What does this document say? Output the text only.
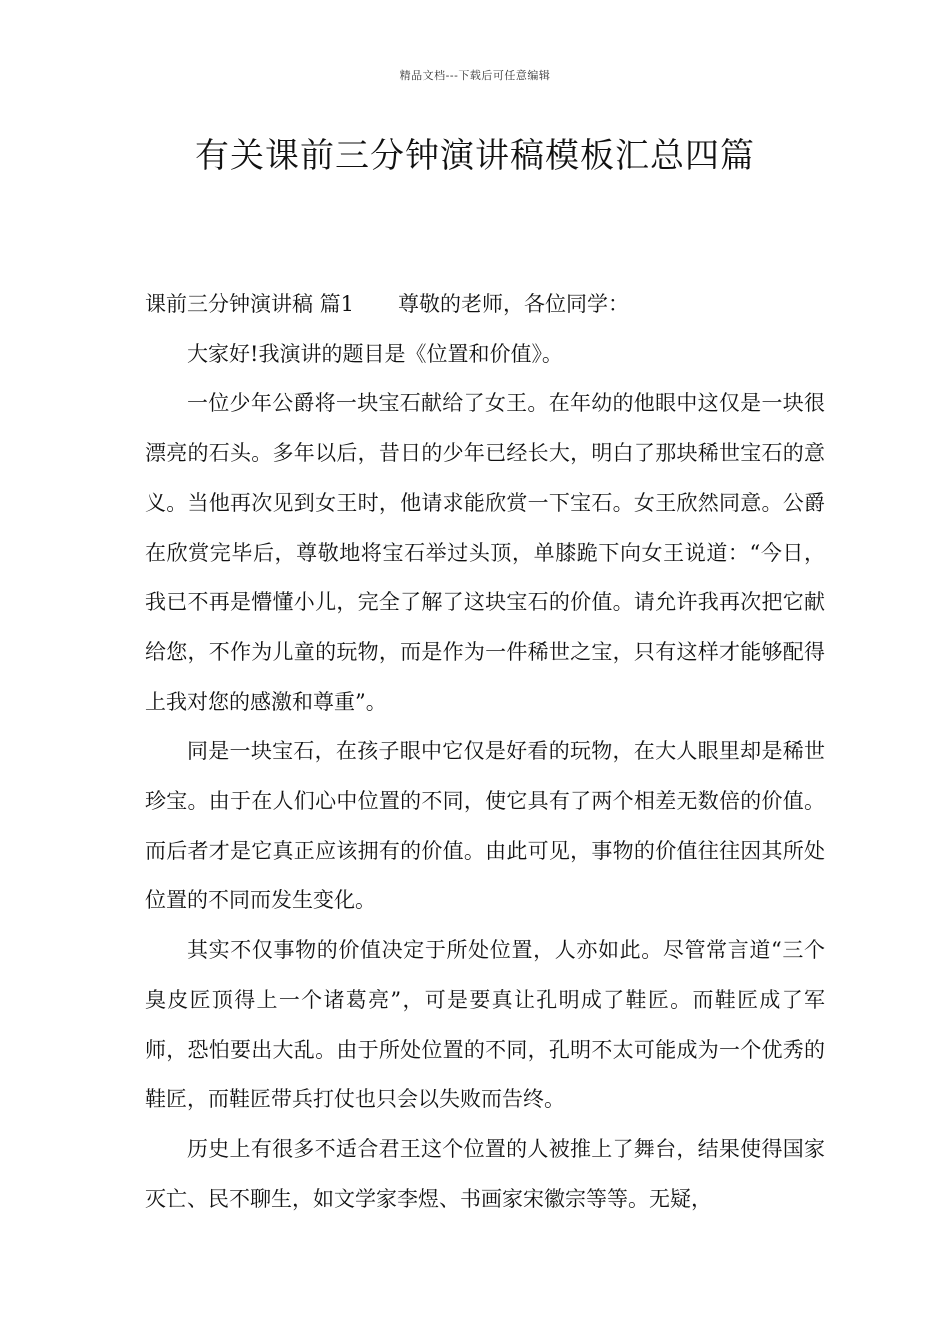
精品文档---下载后可任意编辑
有关课前三分钟演讲稿模板汇总四篇

课前三分钟演讲稿 篇1 尊敬的老师，各位同学：

大家好!我演讲的题目是《位置和价值》。

一位少年公爵将一块宝石献给了女王。在年幼的他眼中这仅是一块很漂亮的石头。多年以后，昔日的少年已经长大，明白了那块稀世宝石的意义。当他再次见到女王时，他请求能欣赏一下宝石。女王欣然同意。公爵在欣赏完毕后，尊敬地将宝石举过头顶，单膝跪下向女王说道：“今日，我已不再是懵懂小儿，完全了解了这块宝石的价值。请允许我再次把它献给您，不作为儿童的玩物，而是作为一件稀世之宝，只有这样才能够配得上我对您的感激和尊重”。

同是一块宝石，在孩子眼中它仅是好看的玩物，在大人眼里却是稀世珍宝。由于在人们心中位置的不同，使它具有了两个相差无数倍的价值。而后者才是它真正应该拥有的价值。由此可见，事物的价值往往因其所处位置的不同而发生变化。

其实不仅事物的价值决定于所处位置，人亦如此。尽管常言道“三个臭皮匠顶得上一个诸葛亮”，可是要真让孔明成了鞋匠。而鞋匠成了军师，恐怕要出大乱。由于所处位置的不同，孔明不太可能成为一个优秀的鞋匠，而鞋匠带兵打仗也只会以失败而告终。

历史上有很多不适合君王这个位置的人被推上了舞台，结果使得国家灭亡、民不聊生，如文学家李煜、书画家宋徽宗等等。无疑，
